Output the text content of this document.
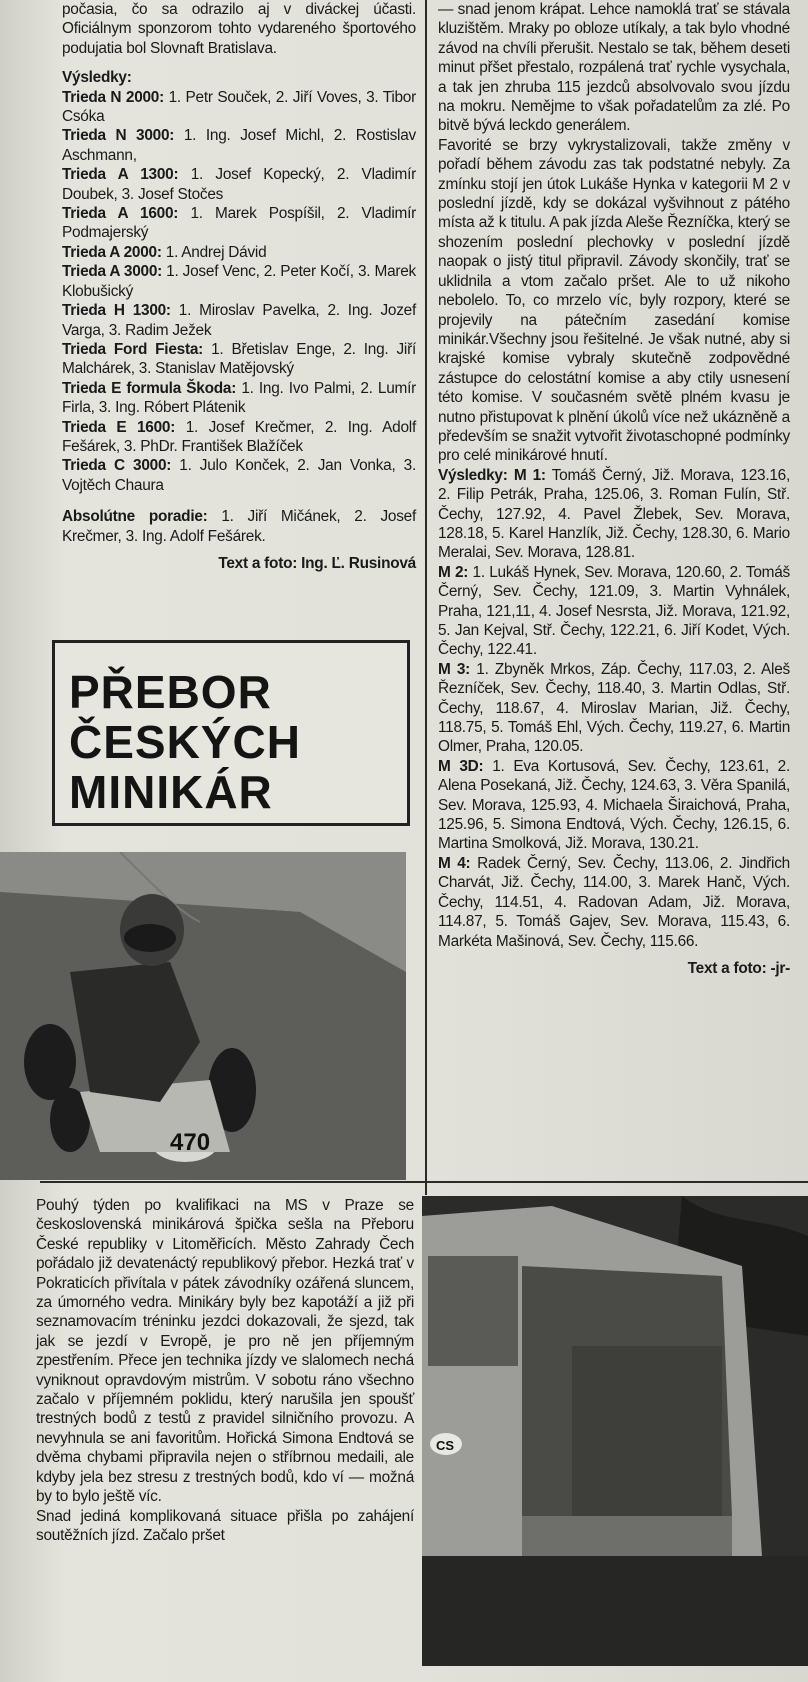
počasia, čo sa odrazilo aj v diváckej účasti. Oficiálnym sponzorom tohto vydareného športového podujatia bol Slovnaft Bratislava.

Výsledky:

Trieda N 2000: 1. Petr Souček, 2. Jiří Voves, 3. Tibor Csóka

Trieda N 3000: 1. Ing. Josef Michl, 2. Rostislav Aschmann,

Trieda A 1300: 1. Josef Kopecký, 2. Vladimír Doubek, 3. Josef Stočes

Trieda A 1600: 1. Marek Pospíšil, 2. Vladimír Podmajerský

Trieda A 2000: 1. Andrej Dávid

Trieda A 3000: 1. Josef Venc, 2. Peter Kočí, 3. Marek Klobušický

Trieda H 1300: 1. Miroslav Pavelka, 2. Ing. Jozef Varga, 3. Radim Ježek

Trieda Ford Fiesta: 1. Břetislav Enge, 2. Ing. Jiří Malchárek, 3. Stanislav Matějovský

Trieda E formula Škoda: 1. Ing. Ivo Palmi, 2. Lumír Firla, 3. Ing. Róbert Plátenik

Trieda E 1600: 1. Josef Krečmer, 2. Ing. Adolf Fešárek, 3. PhDr. František Blažíček

Trieda C 3000: 1. Julo Konček, 2. Jan Vonka, 3. Vojtěch Chaura

Absolútne poradie: 1. Jiří Mičánek, 2. Josef Krečmer, 3. Ing. Adolf Fešárek.

Text a foto: Ing. Ľ. Rusinová

PŘEBOR
ČESKÝCH
MINIKÁR
470

Pouhý týden po kvalifikaci na MS v Praze se československá minikárová špička sešla na Přeboru České republiky v Litoměřicích. Město Zahrady Čech pořádalo již devatenáctý republikový přebor. Hezká trať v Pokraticích přivítala v pátek závodníky ozářená sluncem, za úmorného vedra. Minikáry byly bez kapotáží a již při seznamovacím tréninku jezdci dokazovali, že sjezd, tak jak se jezdí v Evropě, je pro ně jen příjemným zpestřením. Přece jen technika jízdy ve slalomech nechá vyniknout opravdovým mistrům. V sobotu ráno všechno začalo v příjemném poklidu, který narušila jen spoušť trestných bodů z testů z pravidel silničního provozu. A nevyhnula se ani favoritům. Hořická Simona Endtová se dvěma chybami připravila nejen o stříbrnou medaili, ale kdyby jela bez stresu z trestných bodů, kdo ví — možná by to bylo ještě víc.

Snad jediná komplikovaná situace přišla po zahájení soutěžních jízd. Začalo pršet

— snad jenom krápat. Lehce namoklá trať se stávala kluzištěm. Mraky po obloze utíkaly, a tak bylo vhodné závod na chvíli přerušit. Nestalo se tak, během deseti minut přšet přestalo, rozpálená trať rychle vysychala, a tak jen zhruba 115 jezdců absolvovalo svou jízdu na mokru. Nemějme to však pořadatelům za zlé. Po bitvě bývá leckdo generálem.

Favorité se brzy vykrystalizovali, takže změny v pořadí během závodu zas tak podstatné nebyly. Za zmínku stojí jen útok Lukáše Hynka v kategorii M 2 v poslední jízdě, kdy se dokázal vyšvihnout z pátého místa až k titulu. A pak jízda Aleše Řezníčka, který se shozením poslední plechovky v poslední jízdě naopak o jistý titul připravil. Závody skončily, trať se uklidnila a vtom začalo pršet. Ale to už nikoho nebolelo. To, co mrzelo víc, byly rozpory, které se projevily na pátečním zasedání komise minikár.Všechny jsou řešitelné. Je však nutné, aby si krajské komise vybraly skutečně zodpovědné zástupce do celostátní komise a aby ctily usnesení této komise. V současném světě plném kvasu je nutno přistupovat k plnění úkolů více než ukázněně a především se snažit vytvořit životaschopné podmínky pro celé minikárové hnutí.

Výsledky: M 1: Tomáš Černý, Již. Morava, 123.16, 2. Filip Petrák, Praha, 125.06, 3. Roman Fulín, Stř. Čechy, 127.92, 4. Pavel Žlebek, Sev. Morava, 128.18, 5. Karel Hanzlík, Již. Čechy, 128.30, 6. Mario Meralai, Sev. Morava, 128.81.

M 2: 1. Lukáš Hynek, Sev. Morava, 120.60, 2. Tomáš Černý, Sev. Čechy, 121.09, 3. Martin Vyhnálek, Praha, 121,11, 4. Josef Nesrsta, Již. Morava, 121.92, 5. Jan Kejval, Stř. Čechy, 122.21, 6. Jiří Kodet, Vých. Čechy, 122.41.

M 3: 1. Zbyněk Mrkos, Záp. Čechy, 117.03, 2. Aleš Řezníček, Sev. Čechy, 118.40, 3. Martin Odlas, Stř. Čechy, 118.67, 4. Miroslav Marian, Již. Čechy, 118.75, 5. Tomáš Ehl, Vých. Čechy, 119.27, 6. Martin Olmer, Praha, 120.05.

M 3D: 1. Eva Kortusová, Sev. Čechy, 123.61, 2. Alena Posekaná, Již. Čechy, 124.63, 3. Věra Spanilá, Sev. Morava, 125.93, 4. Michaela Širaichová, Praha, 125.96, 5. Simona Endtová, Vých. Čechy, 126.15, 6. Martina Smolková, Již. Morava, 130.21.

M 4: Radek Černý, Sev. Čechy, 113.06, 2. Jindřich Charvát, Již. Čechy, 114.00, 3. Marek Hanč, Vých. Čechy, 114.51, 4. Radovan Adam, Již. Morava, 114.87, 5. Tomáš Gajev, Sev. Morava, 115.43, 6. Markéta Mašinová, Sev. Čechy, 115.66.

Text a foto: -jr-

CS
